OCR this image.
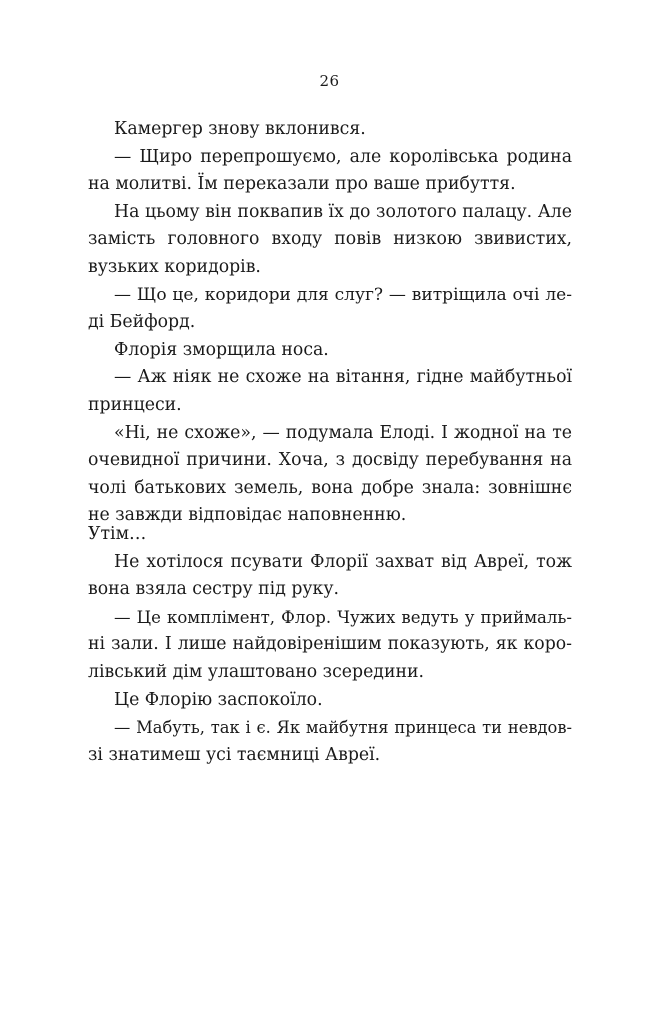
26
Камергер знову вклонився.
— Щиро перепрошуємо, але королівська родина
на молитві. Їм переказали про ваше прибуття.
На цьому він поквапив їх до золотого палацу. Але
замість головного входу повів низкою звивистих,
вузьких коридорів.
— Що це, коридори для слуг? — витріщила очі ле-
ді Бейфорд.
Флорія зморщила носа.
— Аж ніяк не схоже на вітання, гідне майбутньої
принцеси.
«Ні, не схоже», — подумала Елоді. І жодної на те
очевидної причини. Хоча, з досвіду перебування на
чолі батькових земель, вона добре знала: зовнішнє
не завжди відповідає наповненню.
Утім…
Не хотілося псувати Флорії захват від Авреї, тож
вона взяла сестру під руку.
— Це комплімент, Флор. Чужих ведуть у приймаль-
ні зали. І лише найдовіренішим показують, як коро-
лівський дім улаштовано зсередини.
Це Флорію заспокоїло.
— Мабуть, так і є. Як майбутня принцеса ти невдов-
зі знатимеш усі таємниці Авреї.
